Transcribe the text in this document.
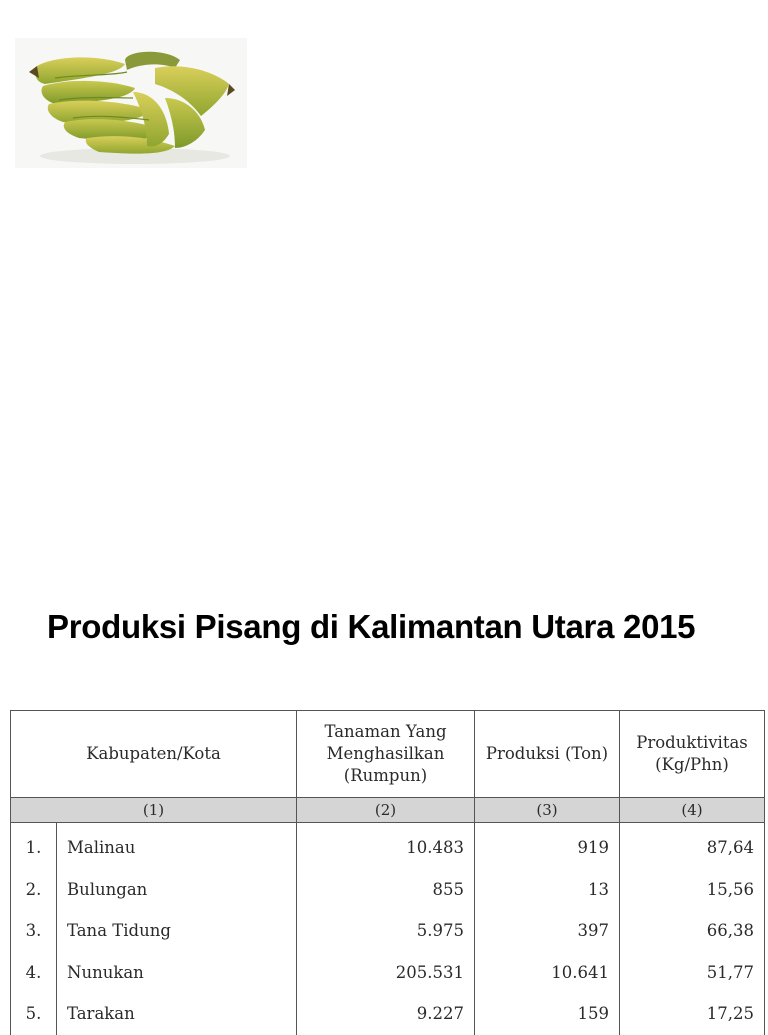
Produksi Pisang di Kalimantan Utara 2015
Kabupaten/Kota		Tanaman Yang Menghasilkan (Rumpun)	Produksi (Ton)	Produktivitas (Kg/Phn)
(1)		(2)	(3)	(4)
1.	Malinau	10.483	919	87,64
2.	Bulungan	855	13	15,56
3.	Tana Tidung	5.975	397	66,38
4.	Nunukan	205.531	10.641	51,77
5.	Tarakan	9.227	159	17,25
